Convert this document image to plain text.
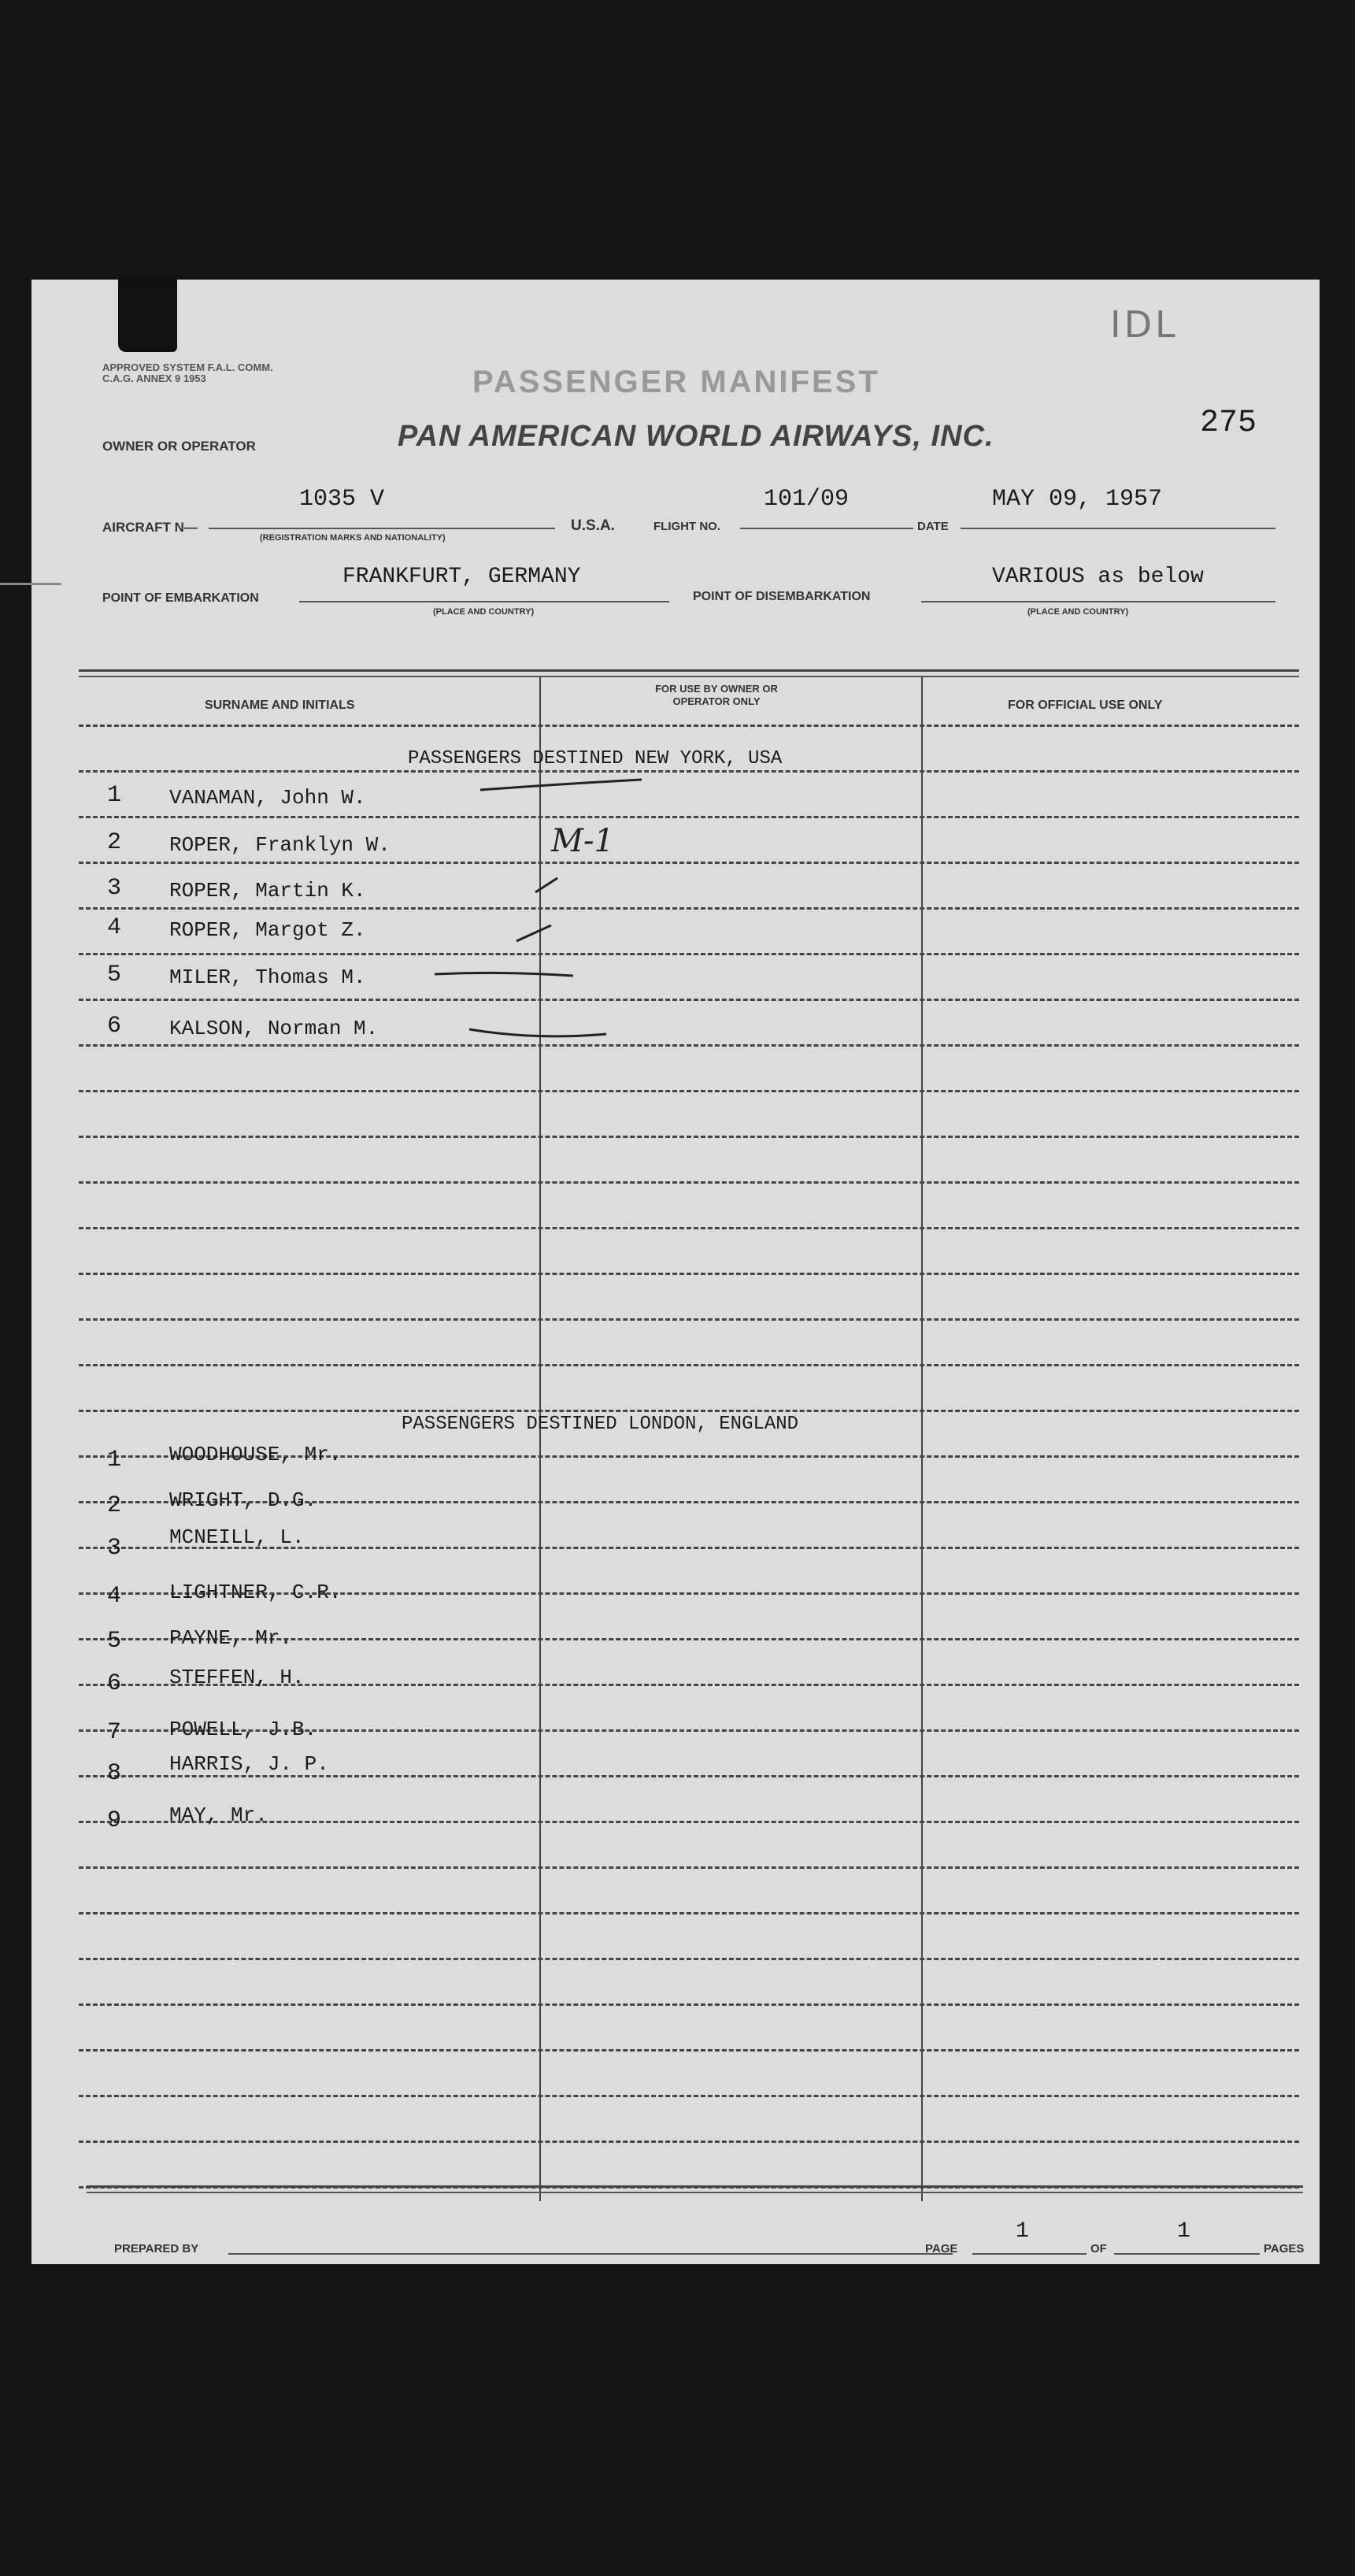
APPROVED SYSTEM F.A.L. COMM. C.A.G. ANNEX 9 1953
IDL
275
PASSENGER MANIFEST
OWNER OR OPERATOR	PAN AMERICAN WORLD AIRWAYS, INC.
AIRCRAFT N—
1035 V
(REGISTRATION MARKS AND NATIONALITY)
U.S.A.	FLIGHT NO.
101/09
DATE
MAY 09, 1957
POINT OF EMBARKATION
FRANKFURT, GERMANY
(PLACE AND COUNTRY)
POINT OF DISEMBARKATION
VARIOUS as below
(PLACE AND COUNTRY)
SURNAME AND INITIALS
FOR USE BY OWNER OR OPERATOR ONLY	FOR OFFICIAL USE ONLY
PASSENGERS DESTINED NEW YORK, USA
1	VANAMAN, John W.
2	ROPER, Franklyn W.
3	ROPER, Martin K.
4	ROPER, Margot Z.
5	MILER, Thomas M.
6	KALSON, Norman M.
M-1
PASSENGERS DESTINED LONDON, ENGLAND
1	WOODHOUSE, Mr.
2	WRIGHT, D.G.
3	MCNEILL, L.
4	LIGHTNER, C.R.
5	PAYNE, Mr.
6	STEFFEN, H.
7	POWELL, J.B.
8	HARRIS, J. P.
9	MAY, Mr.
PREPARED BY	PAGE
1
OF
1
PAGES
